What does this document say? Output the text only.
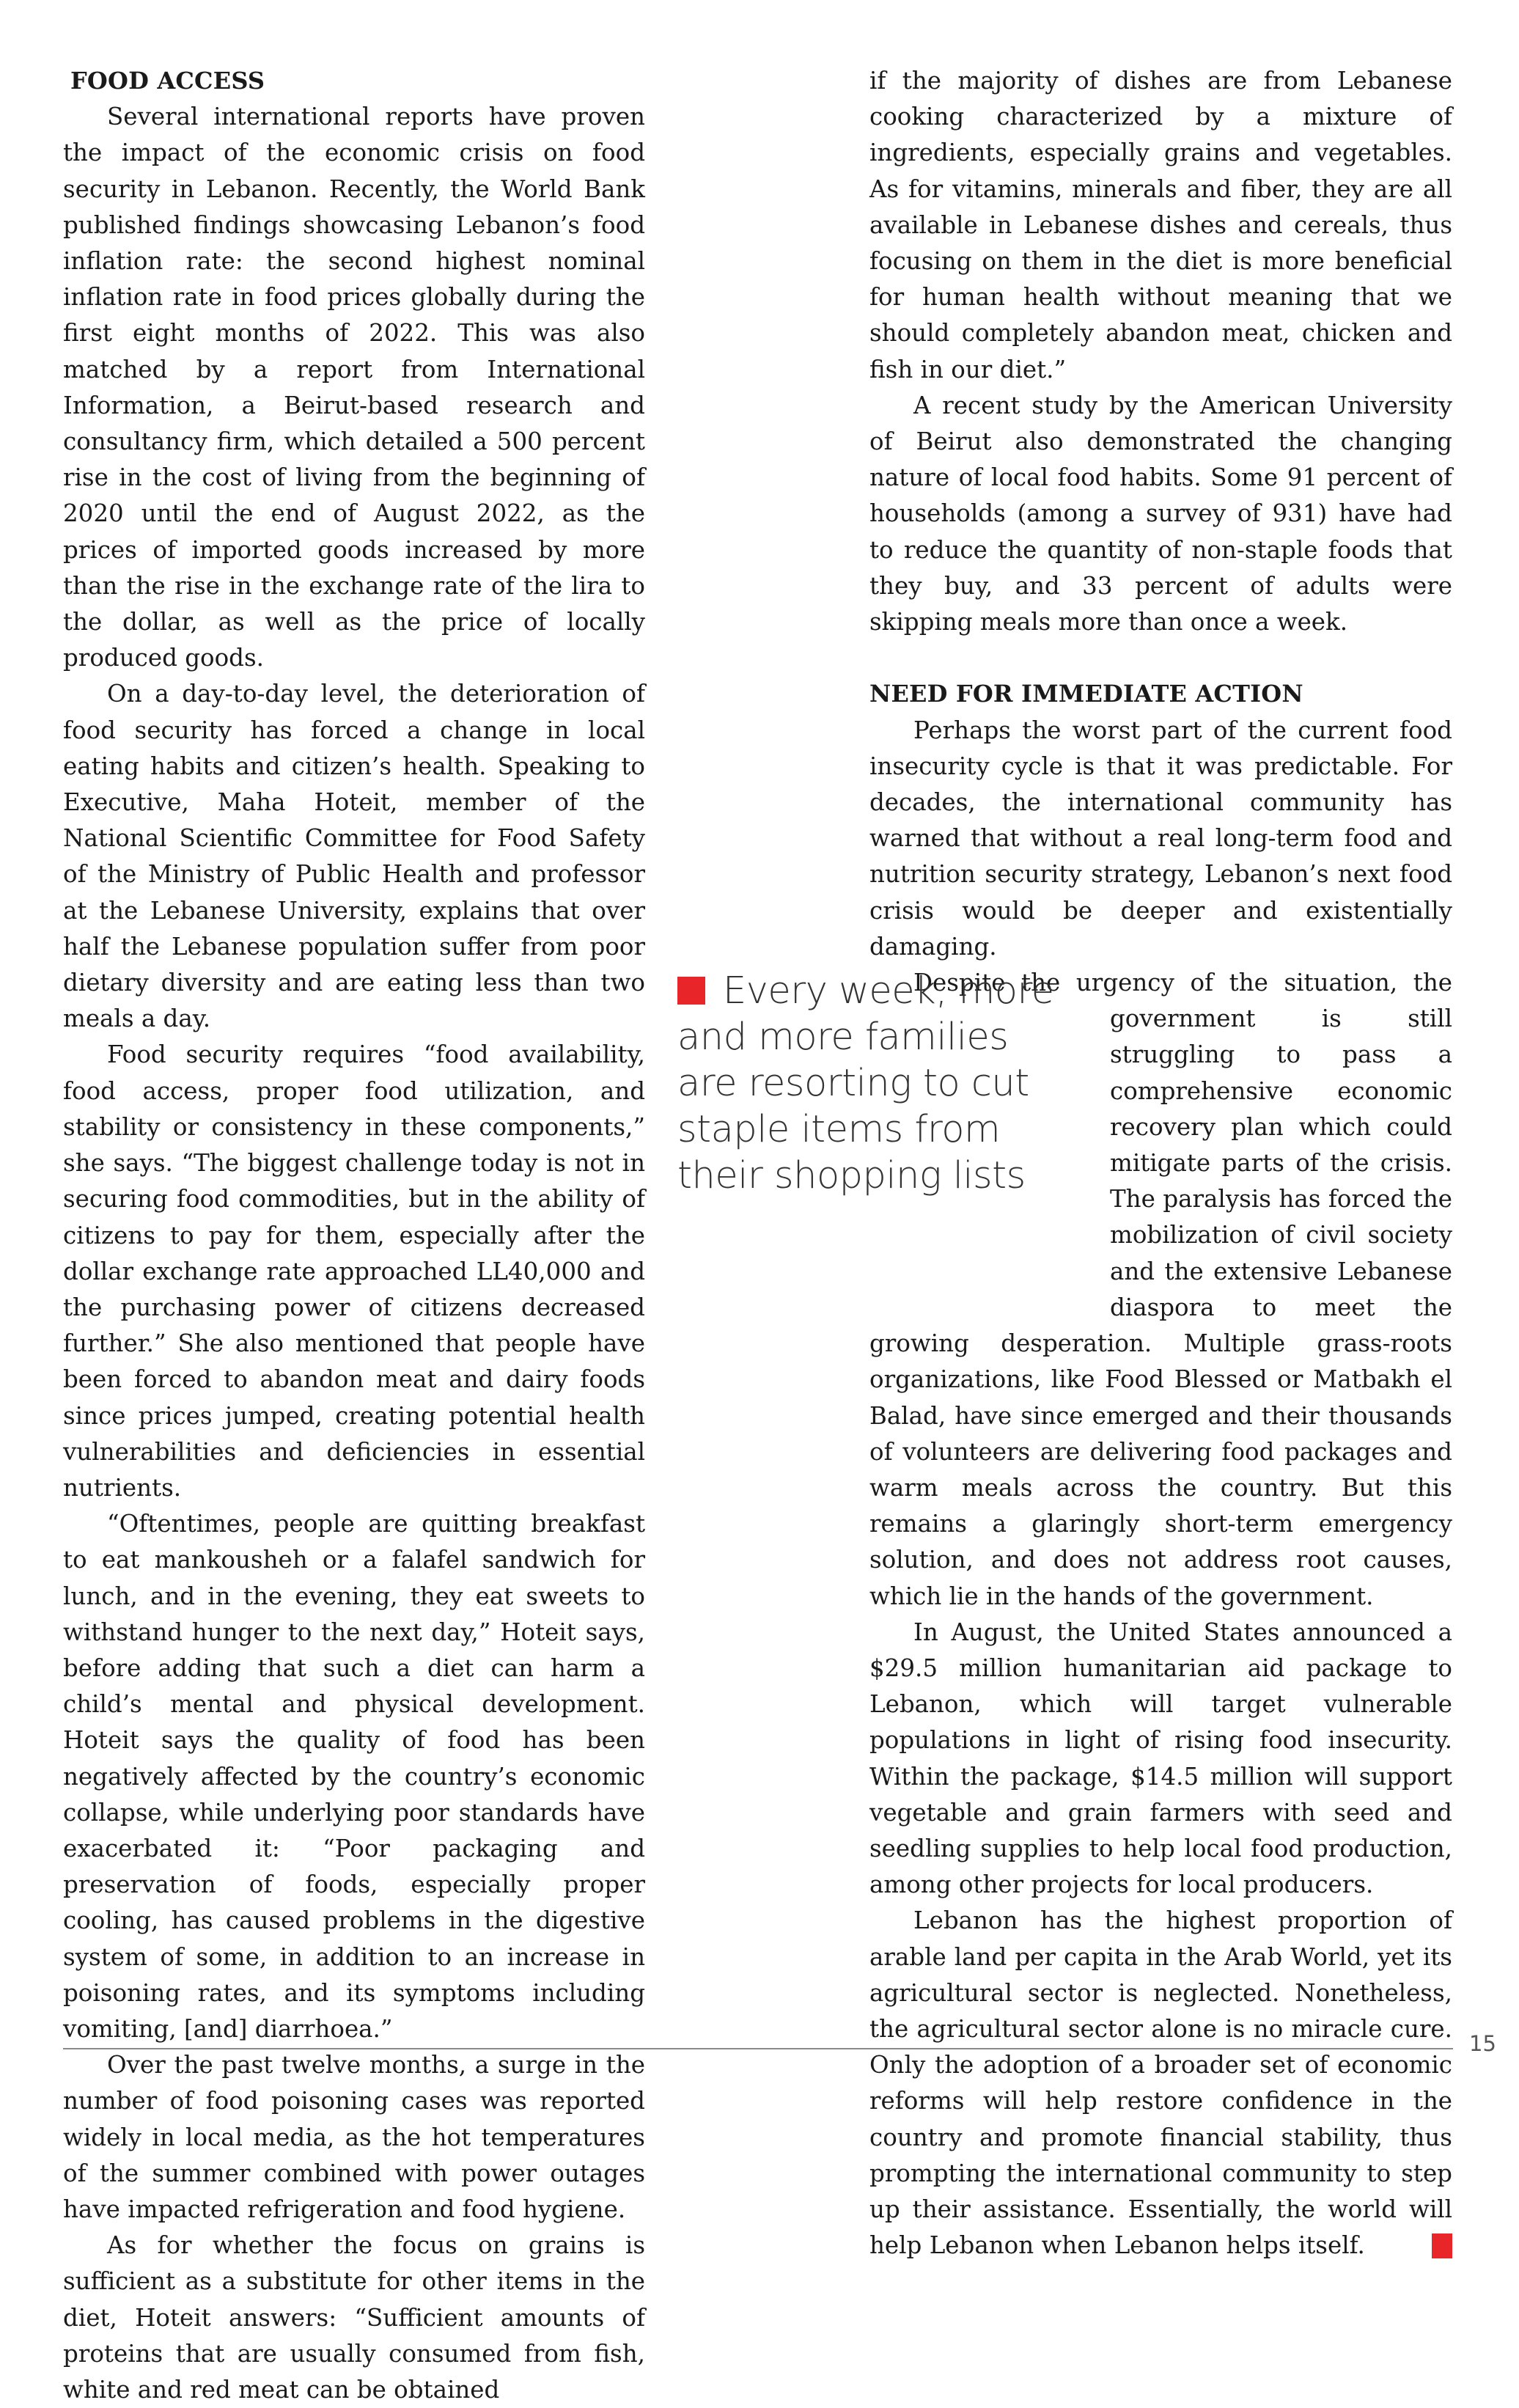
FOOD ACCESS

Several international reports have proven the impact of the economic crisis on food security in Lebanon. Recently, the World Bank published findings showcasing Lebanon’s food inflation rate: the second highest nominal inflation rate in food prices globally during the first eight months of 2022. This was also matched by a report from International Information, a Beirut-based research and consultancy firm, which detailed a 500 percent rise in the cost of living from the beginning of 2020 until the end of August 2022, as the prices of imported goods increased by more than the rise in the exchange rate of the lira to the dollar, as well as the price of locally produced goods.

On a day-to-day level, the deterioration of food security has forced a change in local eating habits and citizen’s health. Speaking to Executive, Maha Hoteit, member of the National Scientific Committee for Food Safety of the Ministry of Public Health and professor at the Lebanese University, explains that over half the Lebanese population suffer from poor dietary diversity and are eating less than two meals a day.

Food security requires “food availability, food access, proper food utilization, and stability or consistency in these components,” she says. “The biggest challenge today is not in securing food commodities, but in the ability of citizens to pay for them, especially after the dollar exchange rate approached LL40,000 and the purchasing power of citizens decreased further.” She also mentioned that people have been forced to abandon meat and dairy foods since prices jumped, creating potential health vulnerabilities and deficiencies in essential nutrients.

“Oftentimes, people are quitting breakfast to eat mankousheh or a falafel sandwich for lunch, and in the evening, they eat sweets to withstand hunger to the next day,” Hoteit says, before adding that such a diet can harm a child’s mental and physical development. Hoteit says the quality of food has been negatively affected by the country’s economic collapse, while underlying poor standards have exacerbated it: “Poor packaging and preservation of foods, especially proper cooling, has caused problems in the digestive system of some, in addition to an increase in poisoning rates, and its symptoms including vomiting, [and] diarrhoea.”

Over the past twelve months, a surge in the number of food poisoning cases was reported widely in local media, as the hot temperatures of the summer combined with power outages have impacted refrigeration and food hygiene.

As for whether the focus on grains is sufficient as a substitute for other items in the diet, Hoteit answers: “Sufficient amounts of proteins that are usually consumed from fish, white and red meat can be obtained

if the majority of dishes are from Lebanese cooking characterized by a mixture of ingredients, especially grains and vegetables. As for vitamins, minerals and fiber, they are all available in Lebanese dishes and cereals, thus focusing on them in the diet is more beneficial for human health without meaning that we should completely abandon meat, chicken and fish in our diet.”

A recent study by the American University of Beirut also demonstrated the changing nature of local food habits. Some 91 percent of households (among a survey of 931) have had to reduce the quantity of non-staple foods that they buy, and 33 percent of adults were skipping meals more than once a week.

NEED FOR IMMEDIATE ACTION

Perhaps the worst part of the current food insecurity cycle is that it was predictable. For decades, the international community has warned that without a real long-term food and nutrition security strategy, Lebanon’s next food crisis would be deeper and existentially damaging.

Despite the urgency of the situation, the government is still struggling to pass a comprehensive economic recovery plan which could mitigate parts of the crisis. The paralysis has forced the mobilization of civil society and the extensive Lebanese diaspora to meet the growing desperation. Multiple grass-roots organizations, like Food Blessed or Matbakh el Balad, have since emerged and their thousands of volunteers are delivering food packages and warm meals across the country. But this remains a glaringly short-term emergency solution, and does not address root causes, which lie in the hands of the government.

In August, the United States announced a $29.5 million humanitarian aid package to Lebanon, which will target vulnerable populations in light of rising food insecurity. Within the package, $14.5 million will support vegetable and grain farmers with seed and seedling supplies to help local food production, among other projects for local producers.

Lebanon has the highest proportion of arable land per capita in the Arab World, yet its agricultural sector is neglected. Nonetheless, the agricultural sector alone is no miracle cure. Only the adoption of a broader set of economic reforms will help restore confidence in the country and promote financial stability, thus prompting the international community to step up their assistance. Essentially, the world will help Lebanon when Lebanon helps itself.	E

Every week, more and more families are resorting to cut staple items from their shopping lists
15
